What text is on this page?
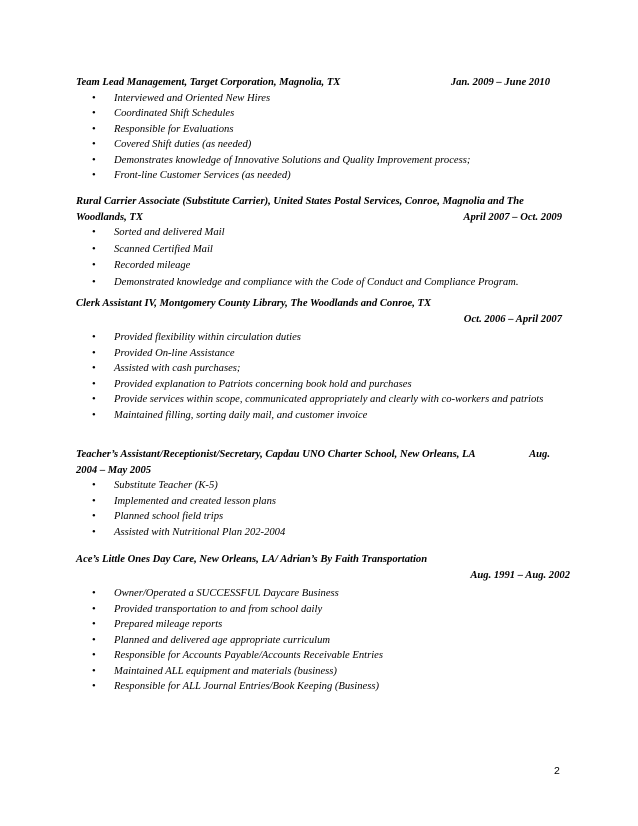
Team Lead Management, Target Corporation, Magnolia, TX	Jan. 2009 – June 2010
• Interviewed and Oriented New Hires
• Coordinated Shift Schedules
• Responsible for Evaluations
• Covered Shift duties (as needed)
• Demonstrates knowledge of Innovative Solutions and Quality Improvement process;
• Front-line Customer Services (as needed)
Rural Carrier Associate (Substitute Carrier), United States Postal Services, Conroe, Magnolia and The
Woodlands, TX	April 2007 – Oct. 2009
• Sorted and delivered Mail
• Scanned Certified Mail
• Recorded mileage
• Demonstrated knowledge and compliance with the Code of Conduct and Compliance Program.
Clerk Assistant IV, Montgomery County Library, The Woodlands and Conroe, TX
Oct. 2006 – April 2007
• Provided flexibility within circulation duties
• Provided On-line Assistance
• Assisted with cash purchases;
• Provided explanation to Patriots concerning book hold and purchases
• Provide services within scope, communicated appropriately and clearly with co-workers and patriots
• Maintained filling, sorting daily mail, and customer invoice
Teacher’s Assistant/Receptionist/Secretary, Capdau UNO Charter School, New Orleans, LA	Aug.
2004 – May 2005
• Substitute Teacher (K-5)
• Implemented and created lesson plans
• Planned school field trips
• Assisted with Nutritional Plan 202-2004
Ace’s Little Ones Day Care, New Orleans, LA/ Adrian’s By Faith Transportation
Aug. 1991 – Aug. 2002
• Owner/Operated a SUCCESSFUL Daycare Business
• Provided transportation to and from school daily
• Prepared mileage reports
• Planned and delivered age appropriate curriculum
• Responsible for Accounts Payable/Accounts Receivable Entries
• Maintained ALL equipment and materials (business)
• Responsible for ALL Journal Entries/Book Keeping (Business)
2
